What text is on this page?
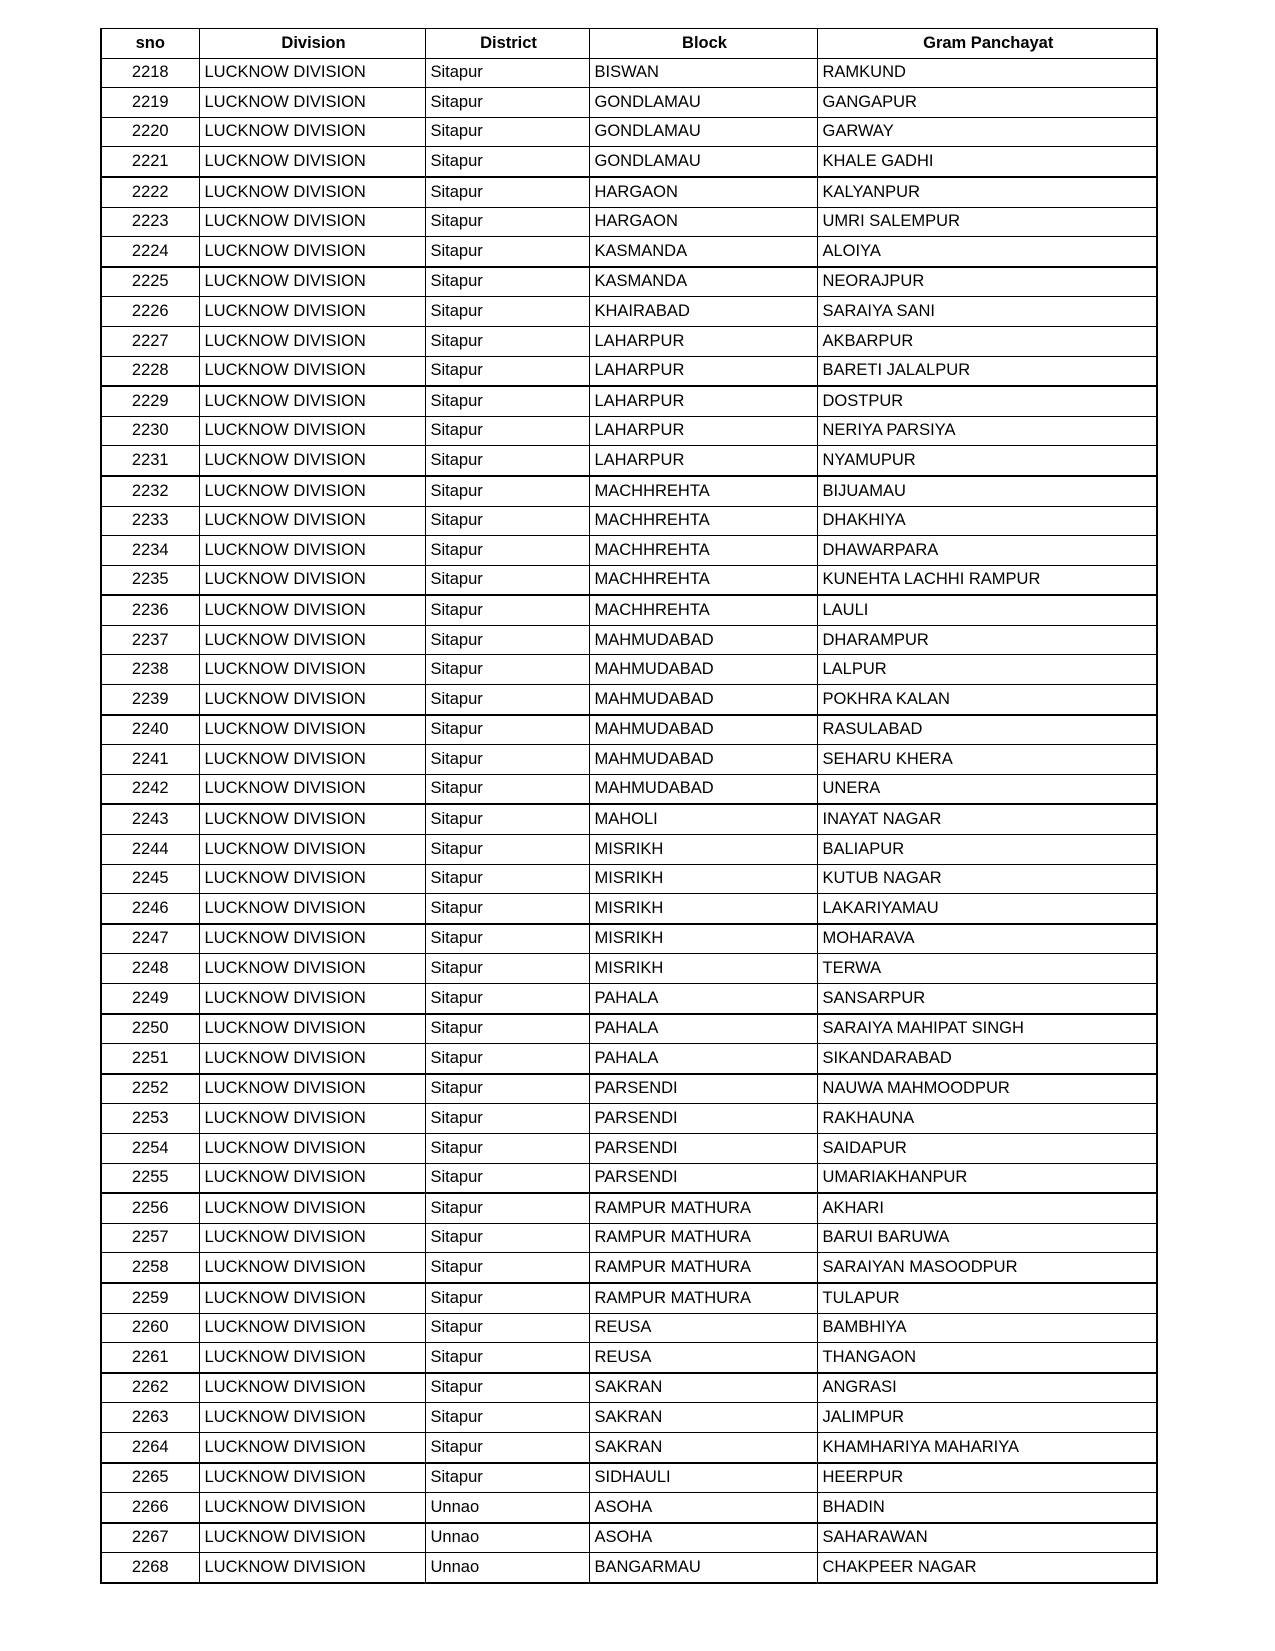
sno	Division	District	Block	Gram Panchayat

2218	LUCKNOW DIVISION	Sitapur	BISWAN	RAMKUND

2219	LUCKNOW DIVISION	Sitapur	GONDLAMAU	GANGAPUR

2220	LUCKNOW DIVISION	Sitapur	GONDLAMAU	GARWAY

2221	LUCKNOW DIVISION	Sitapur	GONDLAMAU	KHALE GADHI

2222	LUCKNOW DIVISION	Sitapur	HARGAON	KALYANPUR

2223	LUCKNOW DIVISION	Sitapur	HARGAON	UMRI SALEMPUR

2224	LUCKNOW DIVISION	Sitapur	KASMANDA	ALOIYA

2225	LUCKNOW DIVISION	Sitapur	KASMANDA	NEORAJPUR

2226	LUCKNOW DIVISION	Sitapur	KHAIRABAD	SARAIYA SANI

2227	LUCKNOW DIVISION	Sitapur	LAHARPUR	AKBARPUR

2228	LUCKNOW DIVISION	Sitapur	LAHARPUR	BARETI JALALPUR

2229	LUCKNOW DIVISION	Sitapur	LAHARPUR	DOSTPUR

2230	LUCKNOW DIVISION	Sitapur	LAHARPUR	NERIYA PARSIYA

2231	LUCKNOW DIVISION	Sitapur	LAHARPUR	NYAMUPUR

2232	LUCKNOW DIVISION	Sitapur	MACHHREHTA	BIJUAMAU

2233	LUCKNOW DIVISION	Sitapur	MACHHREHTA	DHAKHIYA

2234	LUCKNOW DIVISION	Sitapur	MACHHREHTA	DHAWARPARA

2235	LUCKNOW DIVISION	Sitapur	MACHHREHTA	KUNEHTA LACHHI RAMPUR

2236	LUCKNOW DIVISION	Sitapur	MACHHREHTA	LAULI

2237	LUCKNOW DIVISION	Sitapur	MAHMUDABAD	DHARAMPUR

2238	LUCKNOW DIVISION	Sitapur	MAHMUDABAD	LALPUR

2239	LUCKNOW DIVISION	Sitapur	MAHMUDABAD	POKHRA KALAN

2240	LUCKNOW DIVISION	Sitapur	MAHMUDABAD	RASULABAD

2241	LUCKNOW DIVISION	Sitapur	MAHMUDABAD	SEHARU KHERA

2242	LUCKNOW DIVISION	Sitapur	MAHMUDABAD	UNERA

2243	LUCKNOW DIVISION	Sitapur	MAHOLI	INAYAT NAGAR

2244	LUCKNOW DIVISION	Sitapur	MISRIKH	BALIAPUR

2245	LUCKNOW DIVISION	Sitapur	MISRIKH	KUTUB NAGAR

2246	LUCKNOW DIVISION	Sitapur	MISRIKH	LAKARIYAMAU

2247	LUCKNOW DIVISION	Sitapur	MISRIKH	MOHARAVA

2248	LUCKNOW DIVISION	Sitapur	MISRIKH	TERWA

2249	LUCKNOW DIVISION	Sitapur	PAHALA	SANSARPUR

2250	LUCKNOW DIVISION	Sitapur	PAHALA	SARAIYA MAHIPAT SINGH

2251	LUCKNOW DIVISION	Sitapur	PAHALA	SIKANDARABAD

2252	LUCKNOW DIVISION	Sitapur	PARSENDI	NAUWA MAHMOODPUR

2253	LUCKNOW DIVISION	Sitapur	PARSENDI	RAKHAUNA

2254	LUCKNOW DIVISION	Sitapur	PARSENDI	SAIDAPUR

2255	LUCKNOW DIVISION	Sitapur	PARSENDI	UMARIAKHANPUR

2256	LUCKNOW DIVISION	Sitapur	RAMPUR MATHURA	AKHARI

2257	LUCKNOW DIVISION	Sitapur	RAMPUR MATHURA	BARUI BARUWA

2258	LUCKNOW DIVISION	Sitapur	RAMPUR MATHURA	SARAIYAN MASOODPUR

2259	LUCKNOW DIVISION	Sitapur	RAMPUR MATHURA	TULAPUR

2260	LUCKNOW DIVISION	Sitapur	REUSA	BAMBHIYA

2261	LUCKNOW DIVISION	Sitapur	REUSA	THANGAON

2262	LUCKNOW DIVISION	Sitapur	SAKRAN	ANGRASI

2263	LUCKNOW DIVISION	Sitapur	SAKRAN	JALIMPUR

2264	LUCKNOW DIVISION	Sitapur	SAKRAN	KHAMHARIYA MAHARIYA

2265	LUCKNOW DIVISION	Sitapur	SIDHAULI	HEERPUR

2266	LUCKNOW DIVISION	Unnao	ASOHA	BHADIN

2267	LUCKNOW DIVISION	Unnao	ASOHA	SAHARAWAN

2268	LUCKNOW DIVISION	Unnao	BANGARMAU	CHAKPEER NAGAR
